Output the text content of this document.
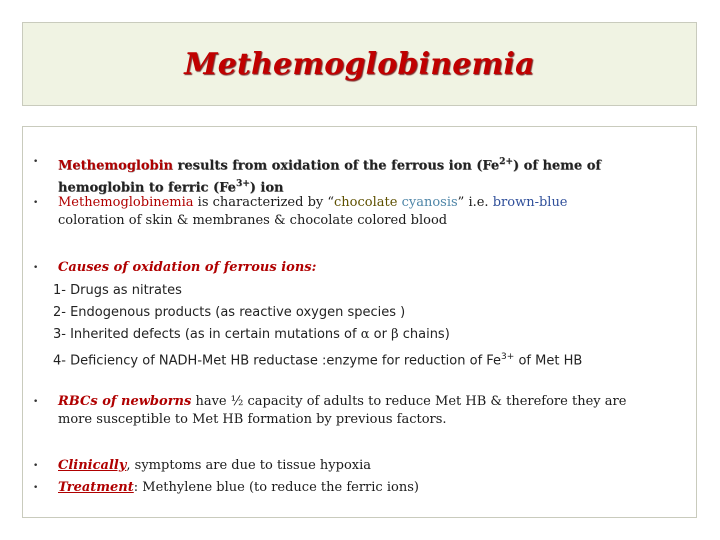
Methemoglobinemia
• Methemoglobin results from oxidation of the ferrous ion $(Fe^{2+})$ of heme of
hemoglobin to ferric $(Fe^{3+})$ ion
• Methemoglobinemia is characterized by “chocolate cyanosis” i.e. brown-blue
coloration of skin & membranes & chocolate colored blood
• Causes of oxidation of ferrous ions:
1- Drugs as nitrates
2- Endogenous products (as reactive oxygen species )
3- Inherited defects (as in certain mutations of α or β chains)
4- Deficiency of NADH-Met HB reductase :enzyme for reduction of $Fe^{3+}$ of Met HB
• RBCs of newborns have ½ capacity of adults to reduce Met HB & therefore they are
more susceptible to Met HB formation by previous factors.
• Clinically, symptoms are due to tissue hypoxia
• Treatment: Methylene blue (to reduce the ferric ions)
